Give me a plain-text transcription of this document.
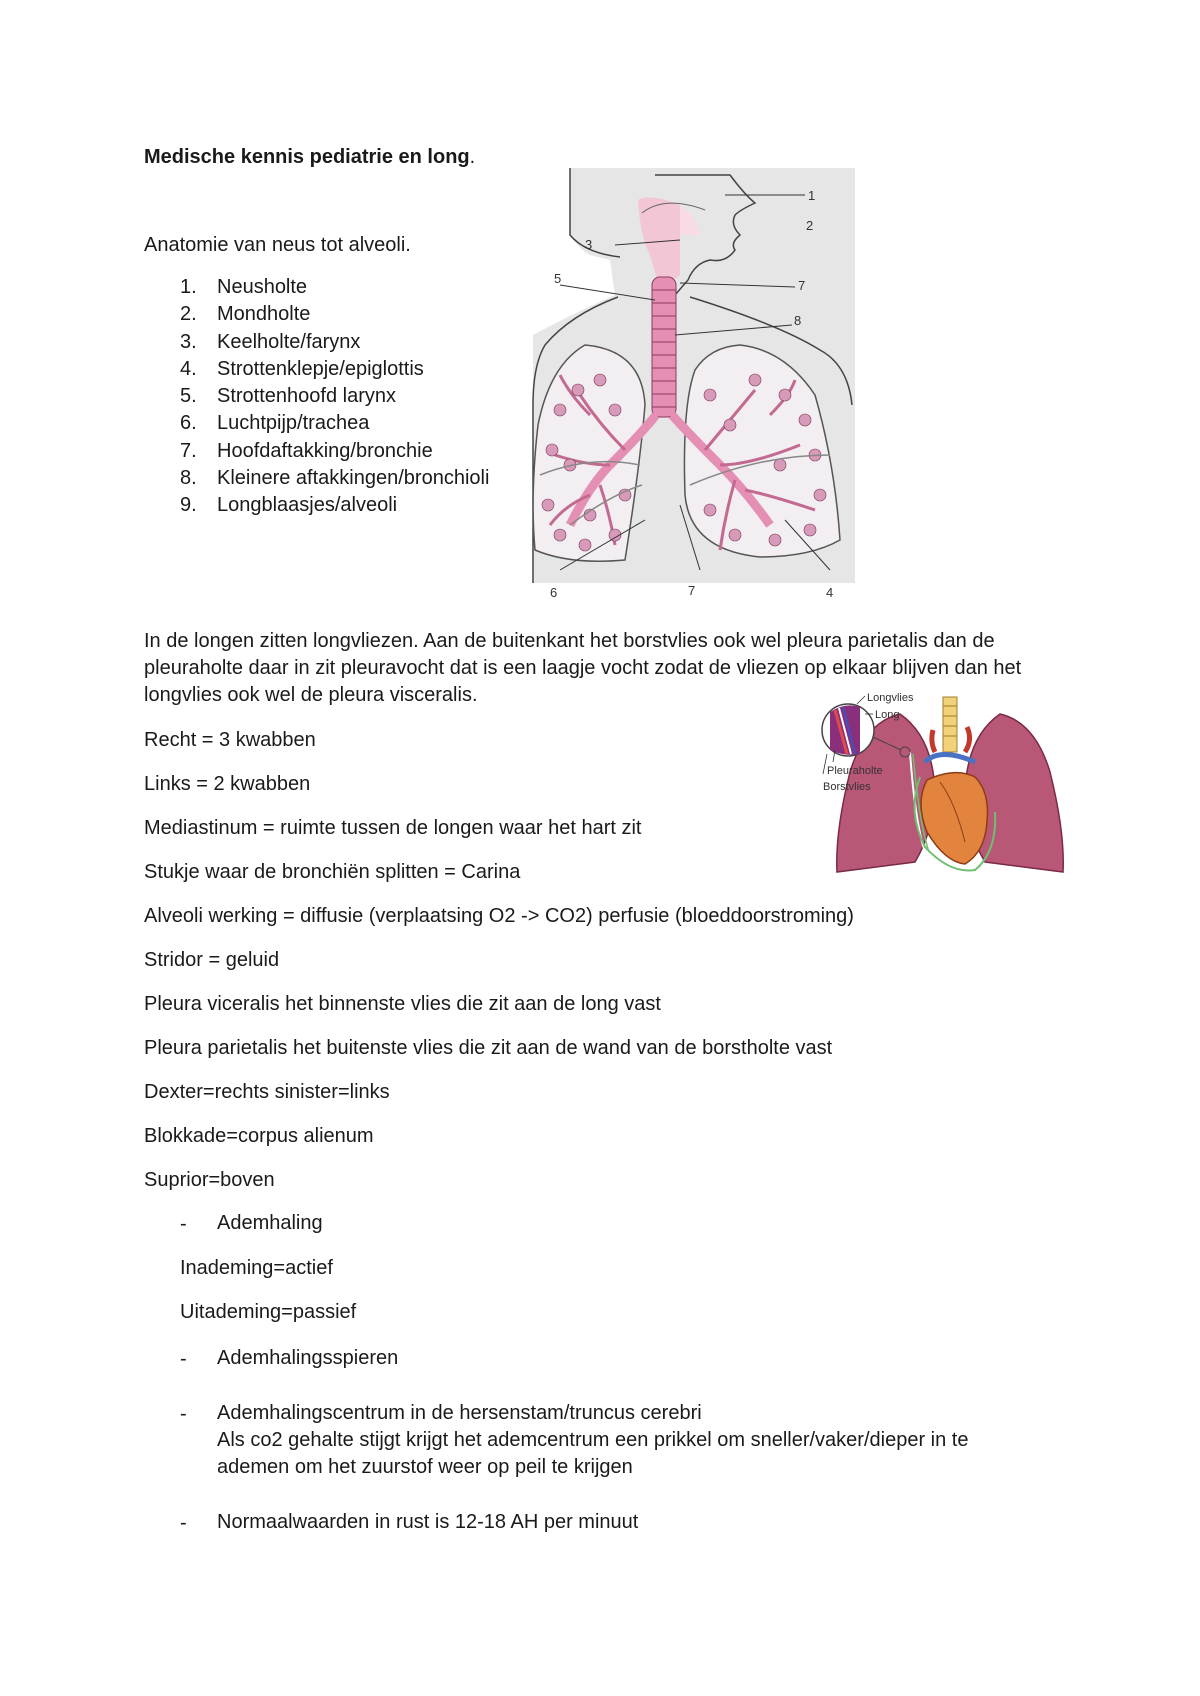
Medische kennis pediatrie en long.
Anatomie van neus tot alveoli.
1.	Neusholte
2.	Mondholte
3.	Keelholte/farynx
4.	Strottenklepje/epiglottis
5.	Strottenhoofd larynx
6.	Luchtpijp/trachea
7.	Hoofdaftakking/bronchie
8.	Kleinere aftakkingen/bronchioli
9.	Longblaasjes/alveoli
1
2
3
5	7
8
6	7	4
In de longen zitten longvliezen. Aan de buitenkant het borstvlies ook wel pleura parietalis dan de pleuraholte daar in zit pleuravocht dat is een laagje vocht zodat de vliezen op elkaar blijven dan het longvlies ook wel de pleura visceralis.	Longvlies
Long
Pleuraholte
Borstvlies
Recht = 3 kwabben
Links = 2 kwabben
Mediastinum = ruimte tussen de longen waar het hart zit
Stukje waar de bronchiën splitten = Carina
Alveoli werking = diffusie (verplaatsing O2 -> CO2) perfusie (bloeddoorstroming)
Stridor = geluid
Pleura viceralis het binnenste vlies die zit aan de long vast
Pleura parietalis het buitenste vlies die zit aan de wand van de borstholte vast
Dexter=rechts sinister=links
Blokkade=corpus alienum
Suprior=boven
- Ademhaling
Inademing=actief
Uitademing=passief
- Ademhalingsspieren
- Ademhalingscentrum in de hersenstam/truncus cerebri
Als co2 gehalte stijgt krijgt het ademcentrum een prikkel om sneller/vaker/dieper in te
ademen om het zuurstof weer op peil te krijgen
- Normaalwaarden in rust is 12-18 AH per minuut
